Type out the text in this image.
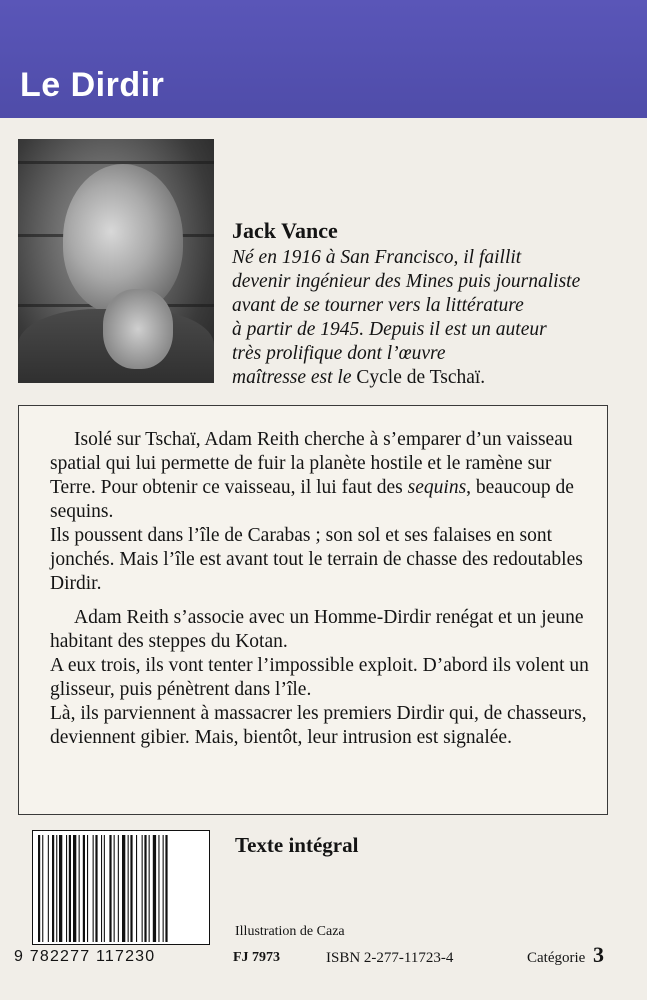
Le Dirdir
Jack Vance
Né en 1916 à San Francisco, il faillit
devenir ingénieur des Mines puis journaliste
avant de se tourner vers la littérature
à partir de 1945. Depuis il est un auteur
très prolifique dont l’œuvre
maîtresse est le Cycle de Tschaï.

Isolé sur Tschaï, Adam Reith cherche à s’emparer d’un vaisseau spatial qui lui permette de fuir la planète hostile et le ramène sur Terre. Pour obtenir ce vaisseau, il lui faut des sequins, beaucoup de sequins.
Ils poussent dans l’île de Carabas ; son sol et ses falaises en sont jonchés. Mais l’île est avant tout le terrain de chasse des redoutables Dirdir.

Adam Reith s’associe avec un Homme-Dirdir renégat et un jeune habitant des steppes du Kotan.
A eux trois, ils vont tenter l’impossible exploit. D’abord ils volent un glisseur, puis pénètrent dans l’île.
Là, ils parviennent à massacrer les premiers Dirdir qui, de chasseurs, deviennent gibier. Mais, bientôt, leur intrusion est signalée.

9 782277 117230
Texte intégral
Illustration de Caza
FJ 7973	ISBN 2-277-11723-4	Catégorie 3
